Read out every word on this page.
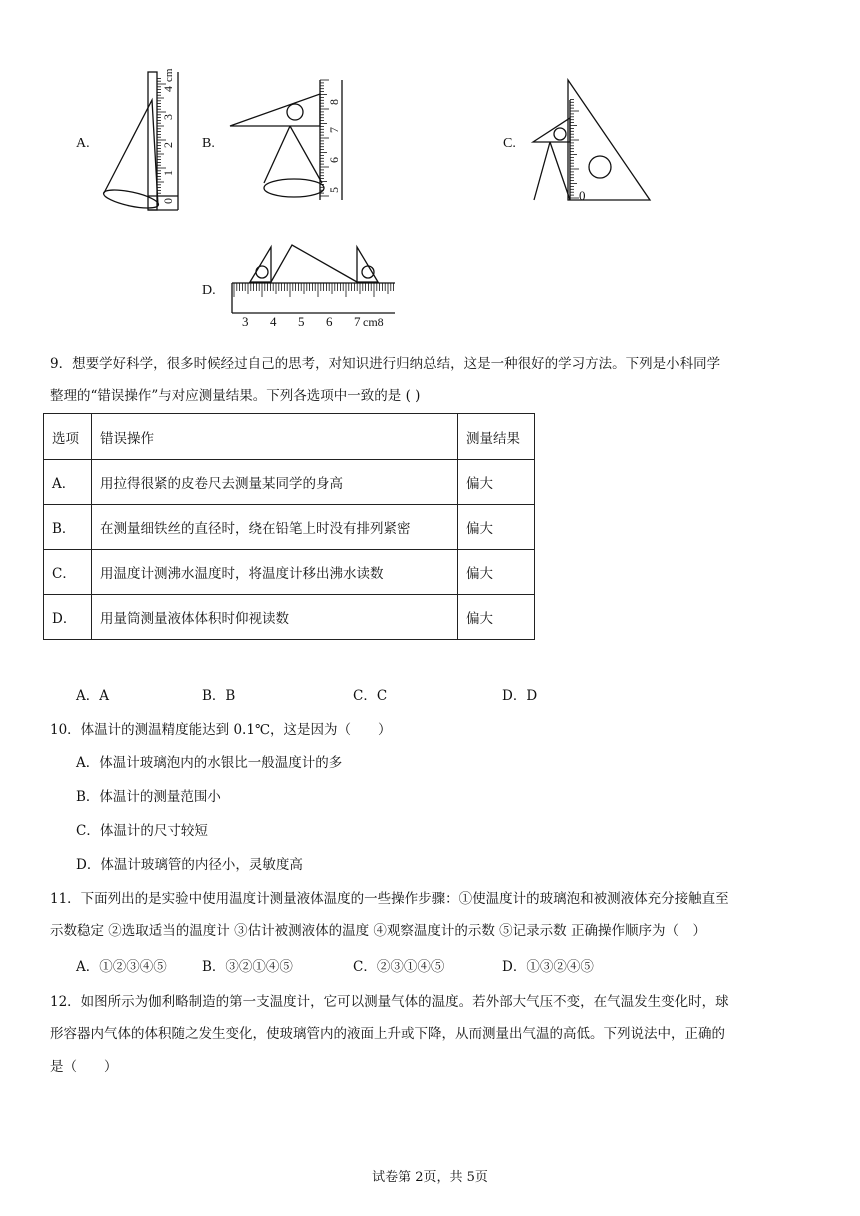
A.	B.	C.
D.
0
1
2
3
4
cm
5
6
7
8
0
3 4 5 6 7 cm8
9．想要学好科学，很多时候经过自己的思考，对知识进行归纳总结，这是一种很好的学习方法。下列是小科同学
整理的“错误操作”与对应测量结果。下列各选项中一致的是 ( )
选项	错误操作	测量结果
A．	用拉得很紧的皮卷尺去测量某同学的身高	偏大
B．	在测量细铁丝的直径时，绕在铅笔上时没有排列紧密	偏大
C．	用温度计测沸水温度时，将温度计移出沸水读数	偏大
D．	用量筒测量液体体积时仰视读数	偏大
A．A	B．B	C．C	D．D
10．体温计的测温精度能达到 0.1℃，这是因为（　　）
A．体温计玻璃泡内的水银比一般温度计的多
B．体温计的测量范围小
C．体温计的尺寸较短
D．体温计玻璃管的内径小，灵敏度高
11．下面列出的是实验中使用温度计测量液体温度的一些操作步骤：①使温度计的玻璃泡和被测液体充分接触直至
示数稳定 ②选取适当的温度计 ③估计被测液体的温度 ④观察温度计的示数 ⑤记录示数 正确操作顺序为（　）
A．①②③④⑤	B．③②①④⑤	C．②③①④⑤	D．①③②④⑤
12．如图所示为伽利略制造的第一支温度计，它可以测量气体的温度。若外部大气压不变，在气温发生变化时，球
形容器内气体的体积随之发生变化，使玻璃管内的液面上升或下降，从而测量出气温的高低。下列说法中，正确的
是（　　）
试卷第 2页，共 5页
